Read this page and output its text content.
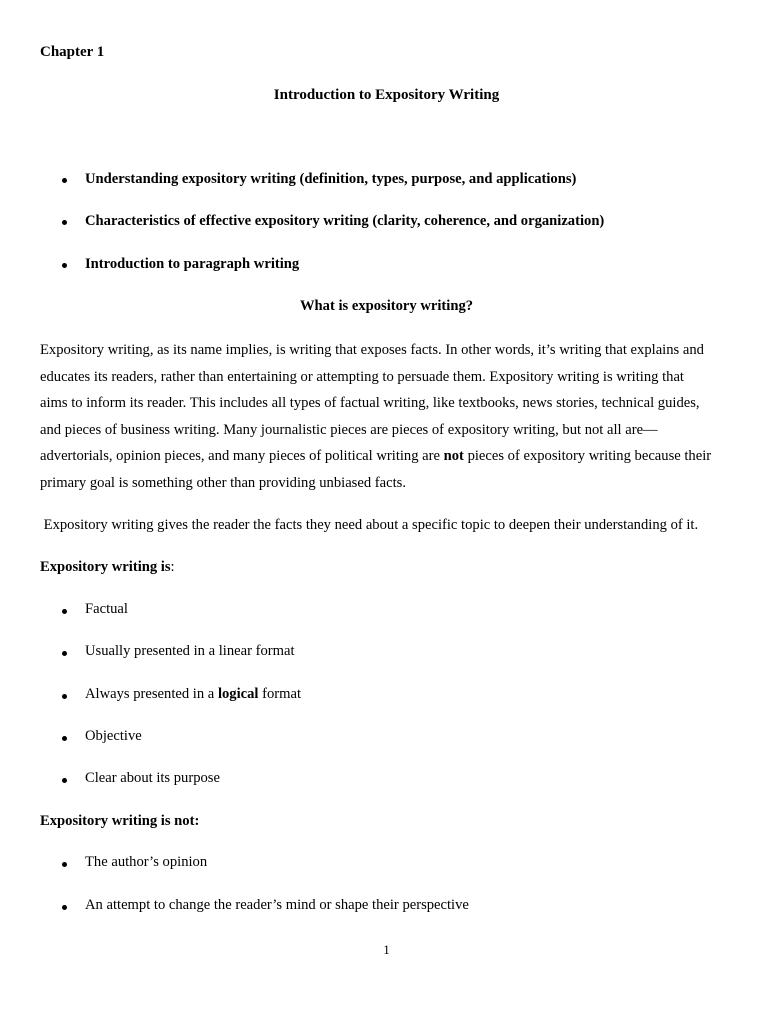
Chapter 1
Introduction to Expository Writing
Understanding expository writing (definition, types, purpose, and applications)
Characteristics of effective expository writing (clarity, coherence, and organization)
Introduction to paragraph writing
What is expository writing?
Expository writing, as its name implies, is writing that exposes facts. In other words, it’s writing that explains and
educates its readers, rather than entertaining or attempting to persuade them. Expository writing is writing that
aims to inform its reader. This includes all types of factual writing, like textbooks, news stories, technical guides,
and pieces of business writing. Many journalistic pieces are pieces of expository writing, but not all are—
advertorials, opinion pieces, and many pieces of political writing are not pieces of expository writing because their
primary goal is something other than providing unbiased facts.
Expository writing gives the reader the facts they need about a specific topic to deepen their understanding of it.
Expository writing is:
Factual
Usually presented in a linear format
Always presented in a logical format
Objective
Clear about its purpose
Expository writing is not:
The author’s opinion
An attempt to change the reader’s mind or shape their perspective
1
